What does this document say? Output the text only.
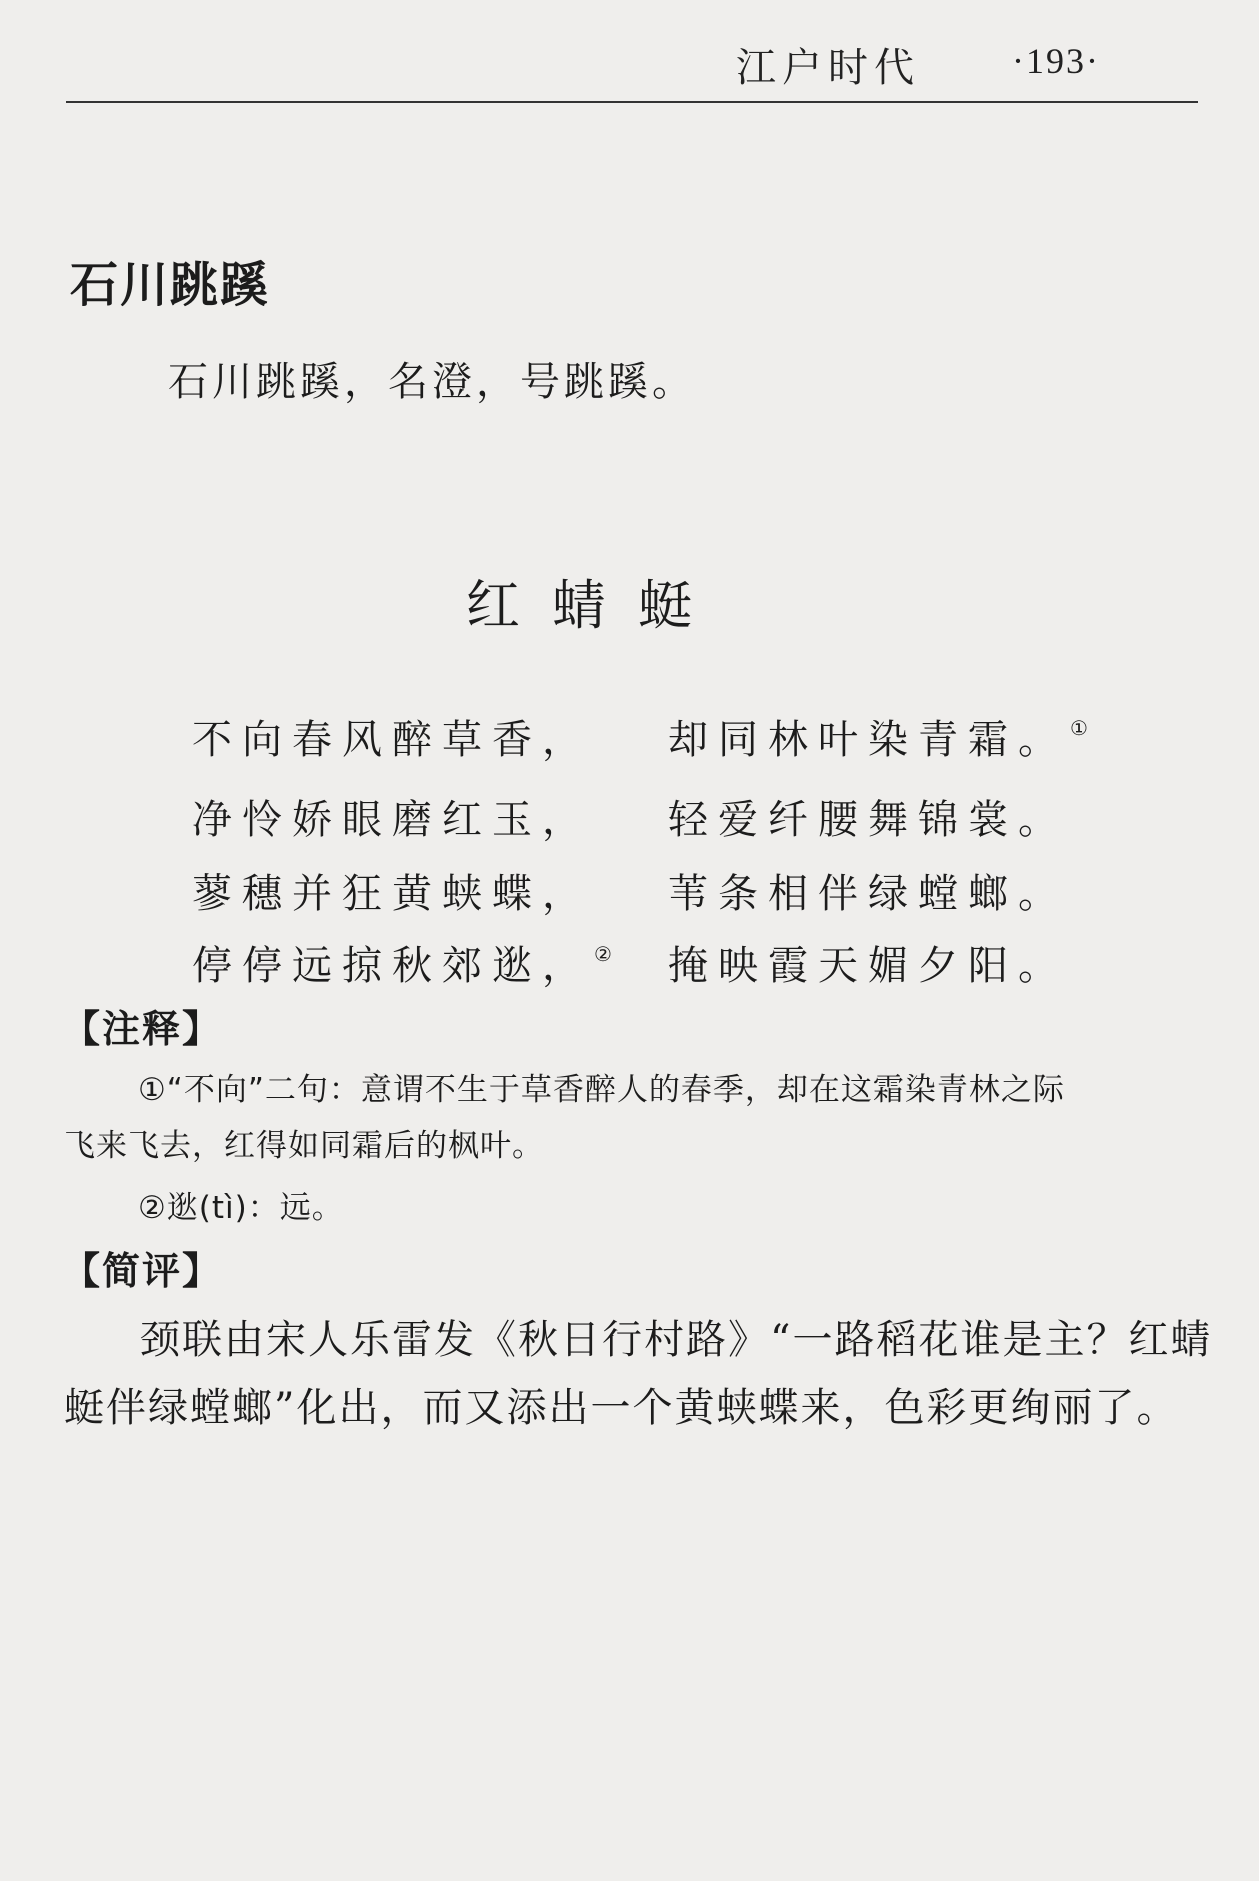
江户时代	·193·
石川跳蹊
石川跳蹊，名澄，号跳蹊。
红蜻蜓
不向春风醉草香， 却同林叶染青霜。 ①
净怜娇眼磨红玉， 轻爱纤腰舞锦裳。
蓼穗并狂黄蛱蝶， 苇条相伴绿螳螂。
停停远掠秋郊逖， ② 掩映霞天媚夕阳。
【注释】
①“不向”二句：意谓不生于草香醉人的春季，却在这霜染青林之际
飞来飞去，红得如同霜后的枫叶。
②逖(tì)：远。
【简评】
颈联由宋人乐雷发《秋日行村路》“一路稻花谁是主？红蜻
蜓伴绿螳螂”化出，而又添出一个黄蛱蝶来，色彩更绚丽了。
